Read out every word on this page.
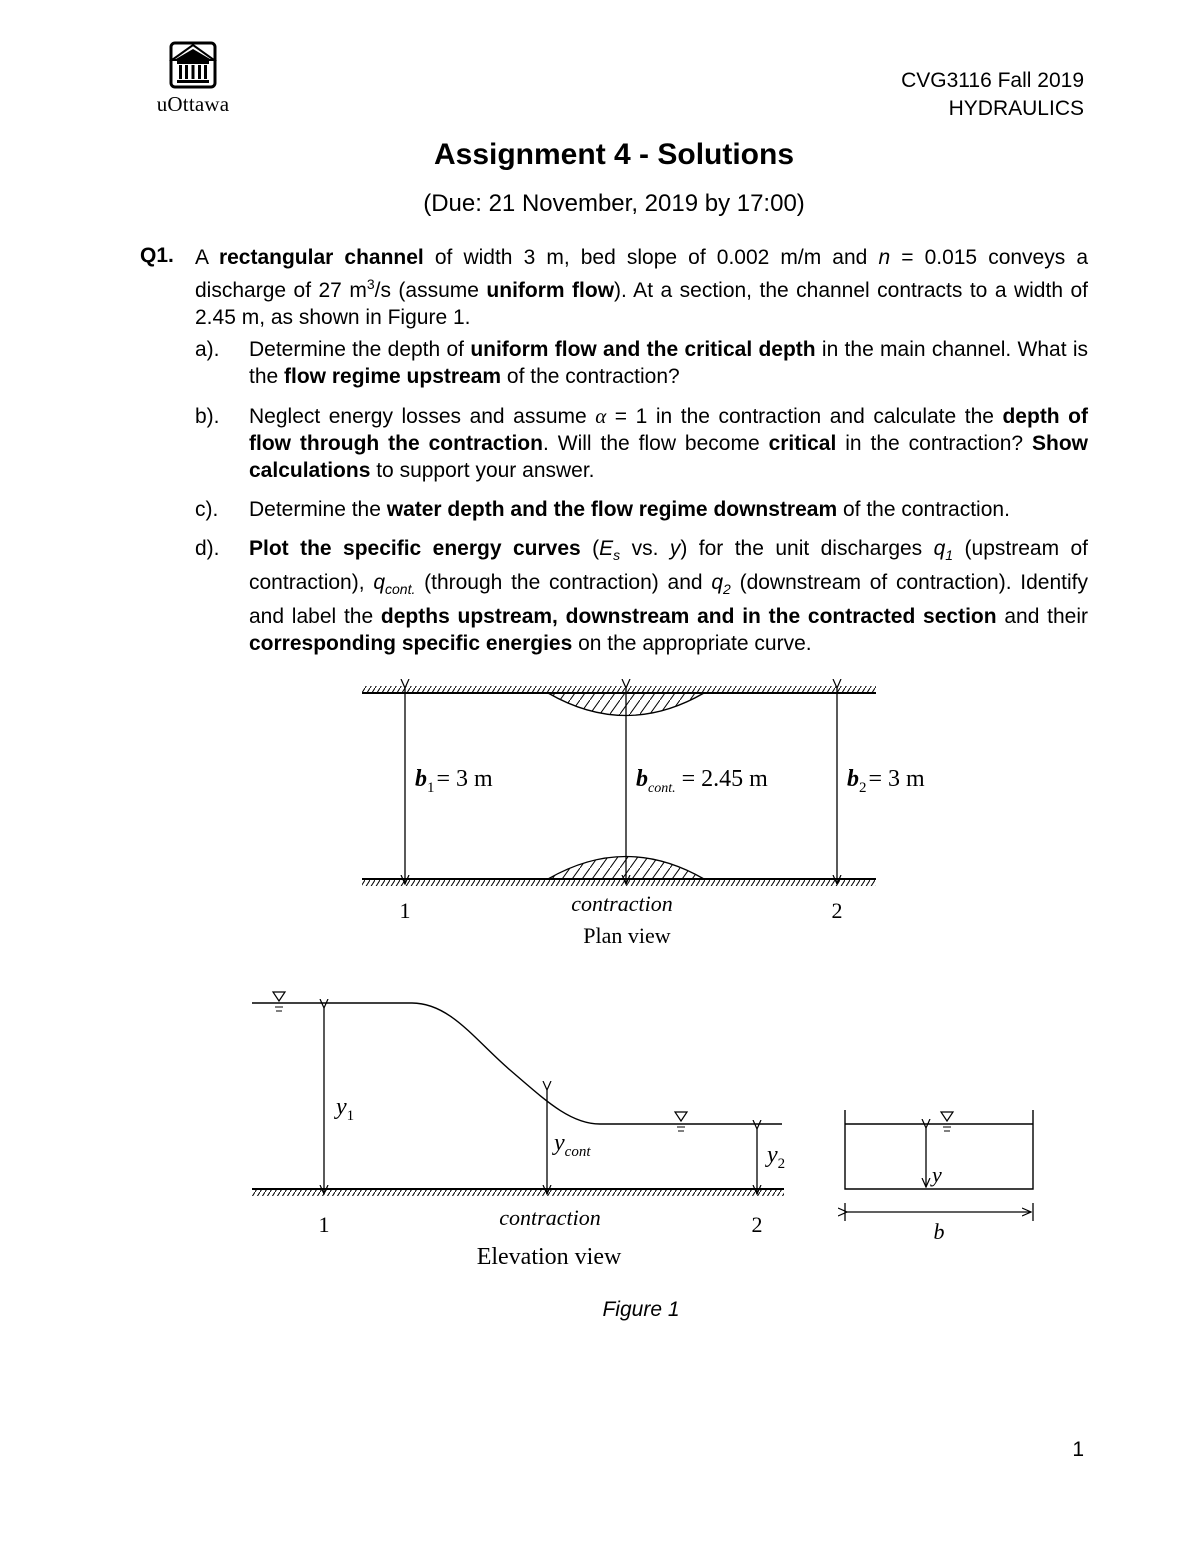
uOttawa
CVG3116 Fall 2019
HYDRAULICS
Assignment 4 - Solutions
(Due: 21 November, 2019 by 17:00)
Q1. A rectangular channel of width 3 m, bed slope of 0.002 m/m and n = 0.015 conveys a discharge of 27 $m^3/s$ (assume uniform flow). At a section, the channel contracts to a width of 2.45 m, as shown in Figure 1.
a). Determine the depth of uniform flow and the critical depth in the main channel. What is the flow regime upstream of the contraction?
b). Neglect energy losses and assume α = 1 in the contraction and calculate the depth of flow through the contraction. Will the flow become critical in the contraction? Show calculations to support your answer.
c). Determine the water depth and the flow regime downstream of the contraction.
d). Plot the specific energy curves ($E_s$ vs. y) for the unit discharges $q_1$ (upstream of contraction), $q_{cont.}$ (through the contraction) and $q_2$ (downstream of contraction). Identify and label the depths upstream, downstream and in the contracted section and their corresponding specific energies on the appropriate curve.
$b_1= 3$ m	$b_{cont.} = 2.45$ m	$b_2= 3$ m
1	contraction	2
Plan view
$y_1$
$y_{cont}$	$y_2$
1	contraction	2
Elevation view
y
b
Figure 1
1
